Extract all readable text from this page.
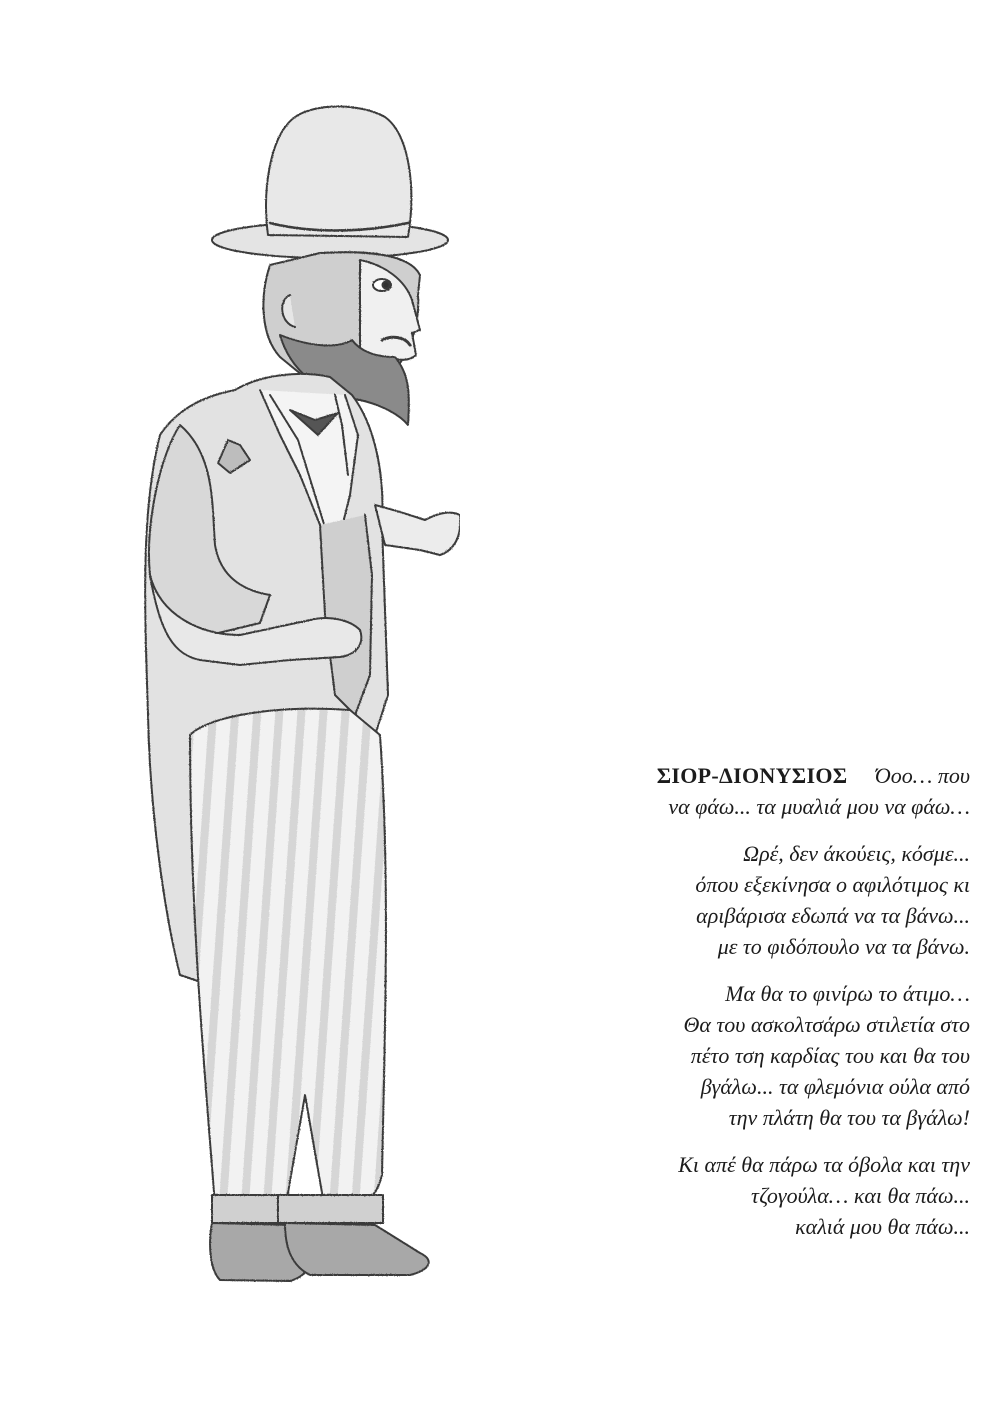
ΣΙΟΡ-ΔΙΟΝΥΣΙΟΣ Όοο… που
να φάω... τα μυαλιά μου να φάω…
Ωρέ, δεν άκούεις, κόσμε...
όπου εξεκίνησα ο αφιλότιμος κι
αριβάρισα εδωπά να τα βάνω...
με το φιδόπουλο να τα βάνω.
Μα θα το φινίρω το άτιμο…
Θα του ασκολτσάρω στιλετία στο
πέτο τση καρδίας του και θα του
βγάλω... τα φλεμόνια ούλα από
την πλάτη θα του τα βγάλω!
Κι απέ θα πάρω τα όβολα και την
τζογούλα… και θα πάω...
καλιά μου θα πάω...
